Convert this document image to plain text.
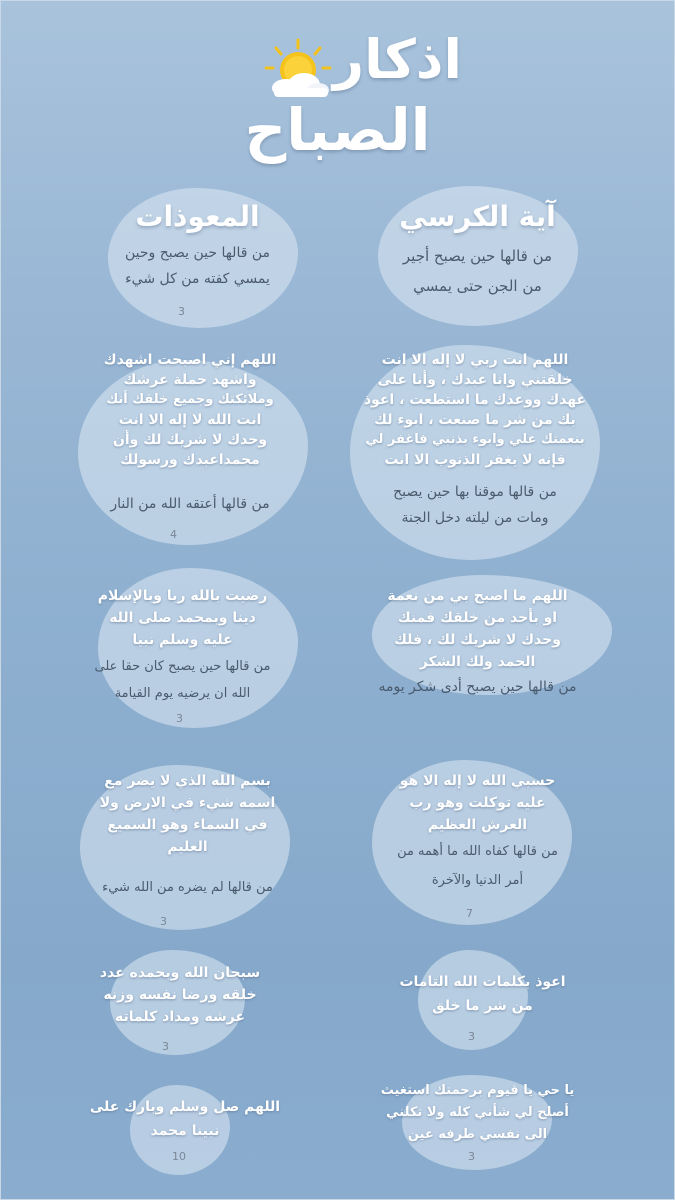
اذكار
الصباح
آية الكرسي
من قالها حين يصبح أجير
من الجن حتى يمسي
المعوذات
من قالها حين يصبح وحين
يمسي كفته من كل شيء
3
اللهم انت ربي لا إله الا انت
خلقتني وانا عبدك ، وأنا على
عهدك ووعدك ما استطعت ، اعوذ
بك من شر ما صنعت ، ابوء لك
بنعمتك علي وابوء بذنبي فاغفر لي
فإنه لا يغفر الذنوب الا انت
من قالها موقنا بها حين يصبح
ومات من ليلته دخل الجنة
اللهم إني اصبحت اشهدك
واشهد حملة عرشك
وملائكتك وجميع خلقك أنك
انت الله لا إله الا انت
وحدك لا شريك لك وأن
محمداعبدك ورسولك
من قالها أعتقه الله من النار
4
اللهم ما اصبح بي من نعمة
او بأحد من خلقك فمنك
وحدك لا شريك لك ، فلك
الحمد ولك الشكر
من قالها حين يصبح أدى شكر يومه
رضيت بالله ربا وبالإسلام
دينا وبمحمد صلى الله
عليه وسلم نبيا
من قالها حين يصبح كان حقا على
الله ان يرضيه يوم القيامة
3
حسبي الله لا إله الا هو
عليه توكلت وهو رب
العرش العظيم
من قالها كفاه الله ما أهمه من
أمر الدنيا والآخرة
7
بسم الله الذي لا يضر مع
اسمه شيء في الارض ولا
في السماء وهو السميع
العليم
من قالها لم يضره من الله شيء
3
اعوذ بكلمات الله التامات
من شر ما خلق
3
سبحان الله وبحمده عدد
خلقه ورضا نفسه وزنه
عرشه ومداد كلماته
3
يا حي يا قيوم برحمتك استغيث
أصلح لي شأني كله ولا تكلني
الى نفسي طرفه عين
3
اللهم صل وسلم وبارك على
نبينا محمد
10
